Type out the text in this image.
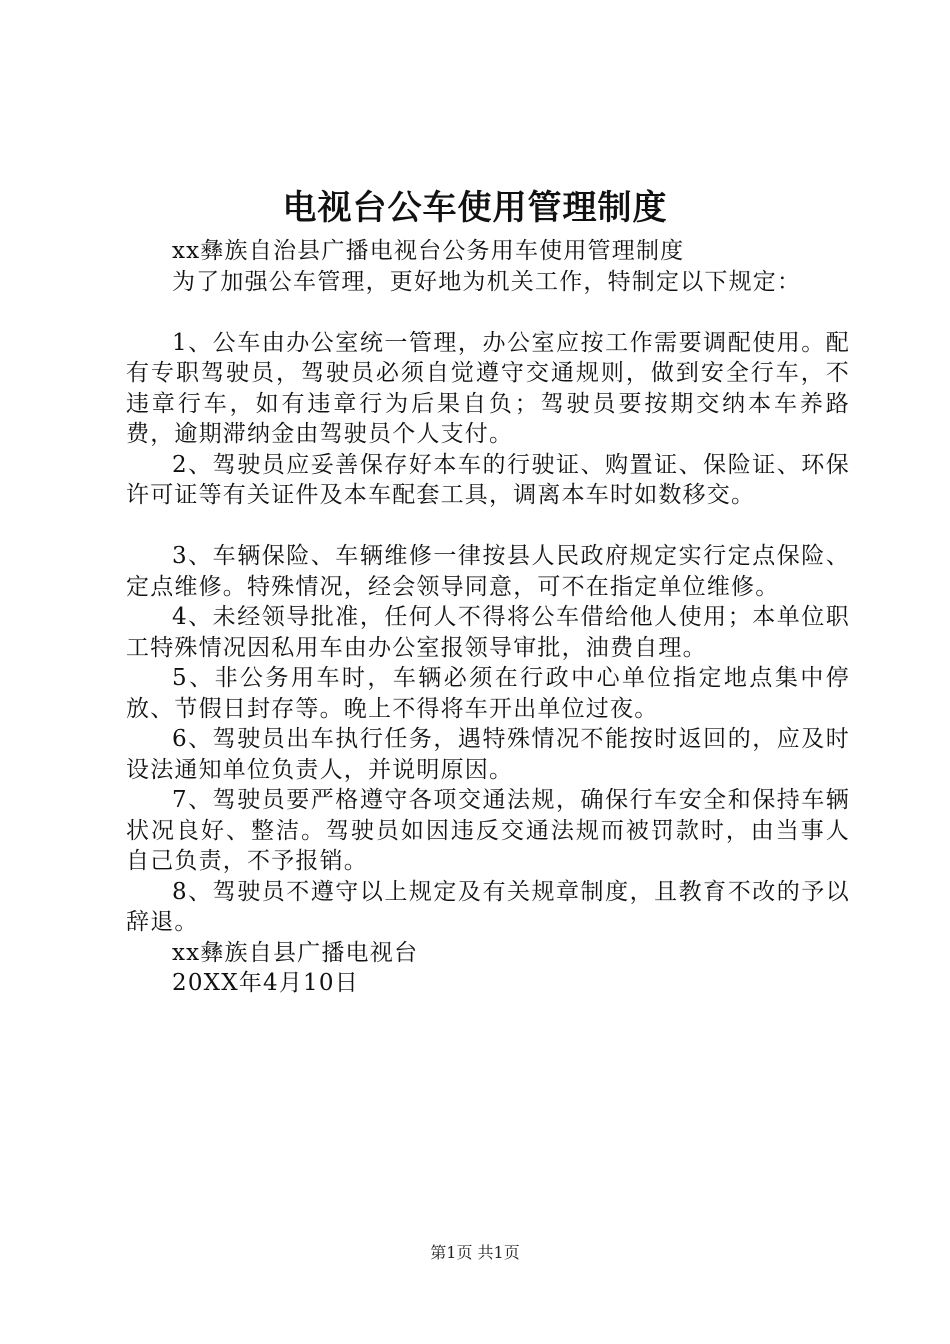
电视台公车使用管理制度

xx彝族自治县广播电视台公务用车使用管理制度

为了加强公车管理，更好地为机关工作，特制定以下规定：

1、公车由办公室统一管理，办公室应按工作需要调配使用。配有专职驾驶员，驾驶员必须自觉遵守交通规则，做到安全行车，不违章行车，如有违章行为后果自负；驾驶员要按期交纳本车养路费，逾期滞纳金由驾驶员个人支付。

2、驾驶员应妥善保存好本车的行驶证、购置证、保险证、环保许可证等有关证件及本车配套工具，调离本车时如数移交。

3、车辆保险、车辆维修一律按县人民政府规定实行定点保险、定点维修。特殊情况，经会领导同意，可不在指定单位维修。

4、未经领导批准，任何人不得将公车借给他人使用；本单位职工特殊情况因私用车由办公室报领导审批，油费自理。

5、非公务用车时，车辆必须在行政中心单位指定地点集中停放、节假日封存等。晚上不得将车开出单位过夜。

6、驾驶员出车执行任务，遇特殊情况不能按时返回的，应及时设法通知单位负责人，并说明原因。

7、驾驶员要严格遵守各项交通法规，确保行车安全和保持车辆状况良好、整洁。驾驶员如因违反交通法规而被罚款时，由当事人自己负责，不予报销。

8、驾驶员不遵守以上规定及有关规章制度，且教育不改的予以辞退。

xx彝族自县广播电视台

20XX年4月10日

第1页 共1页
